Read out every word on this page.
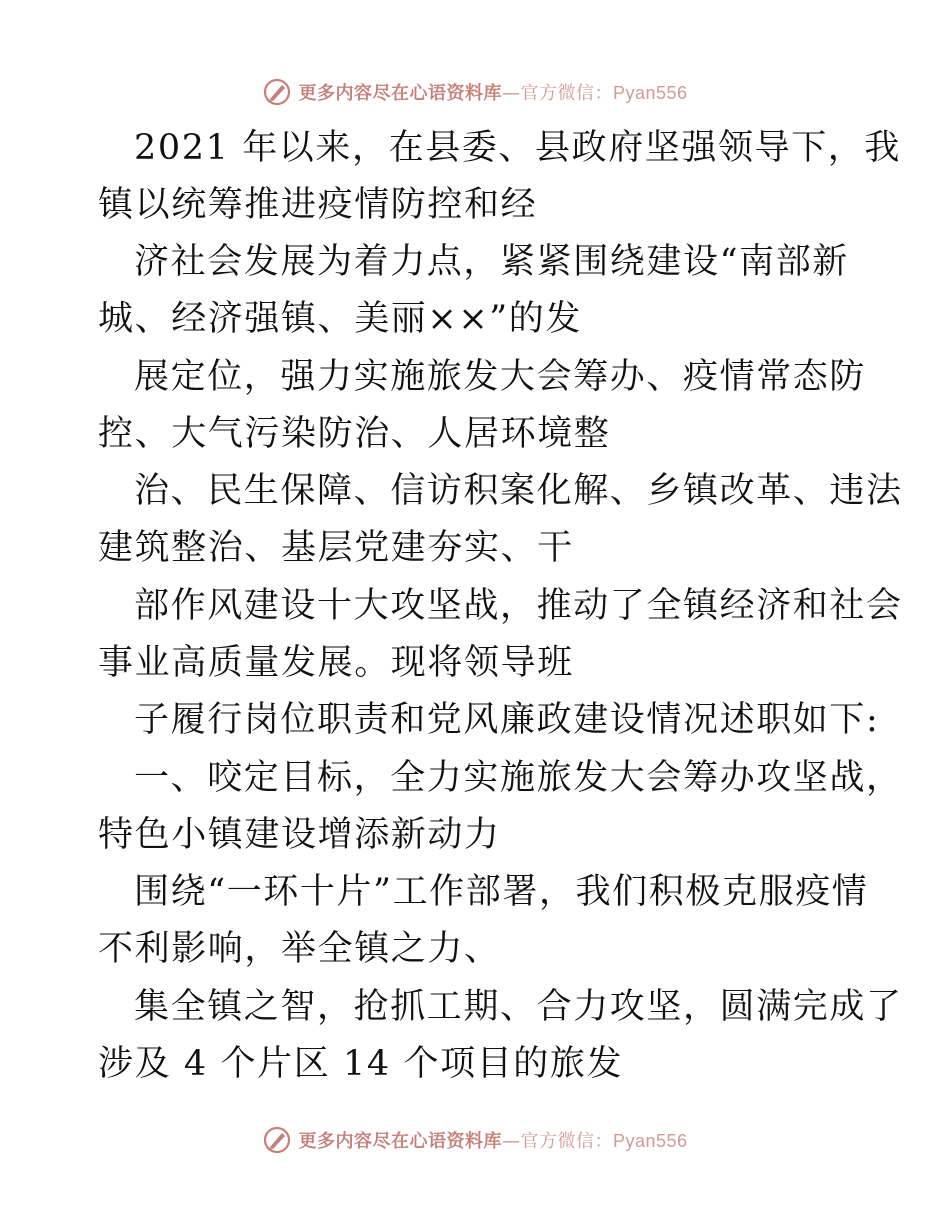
更多内容尽在心语资料库—官方微信：Pyan556
2021 年以来，在县委、县政府坚强领导下，我
镇以统筹推进疫情防控和经
济社会发展为着力点，紧紧围绕建设“南部新
城、经济强镇、美丽××”的发
展定位，强力实施旅发大会筹办、疫情常态防
控、大气污染防治、人居环境整
治、民生保障、信访积案化解、乡镇改革、违法
建筑整治、基层党建夯实、干
部作风建设十大攻坚战，推动了全镇经济和社会
事业高质量发展。现将领导班
子履行岗位职责和党风廉政建设情况述职如下:
一、咬定目标，全力实施旅发大会筹办攻坚战，
特色小镇建设增添新动力
围绕“一环十片”工作部署，我们积极克服疫情
不利影响，举全镇之力、
集全镇之智，抢抓工期、合力攻坚，圆满完成了
涉及 4 个片区 14 个项目的旅发
更多内容尽在心语资料库—官方微信：Pyan556
